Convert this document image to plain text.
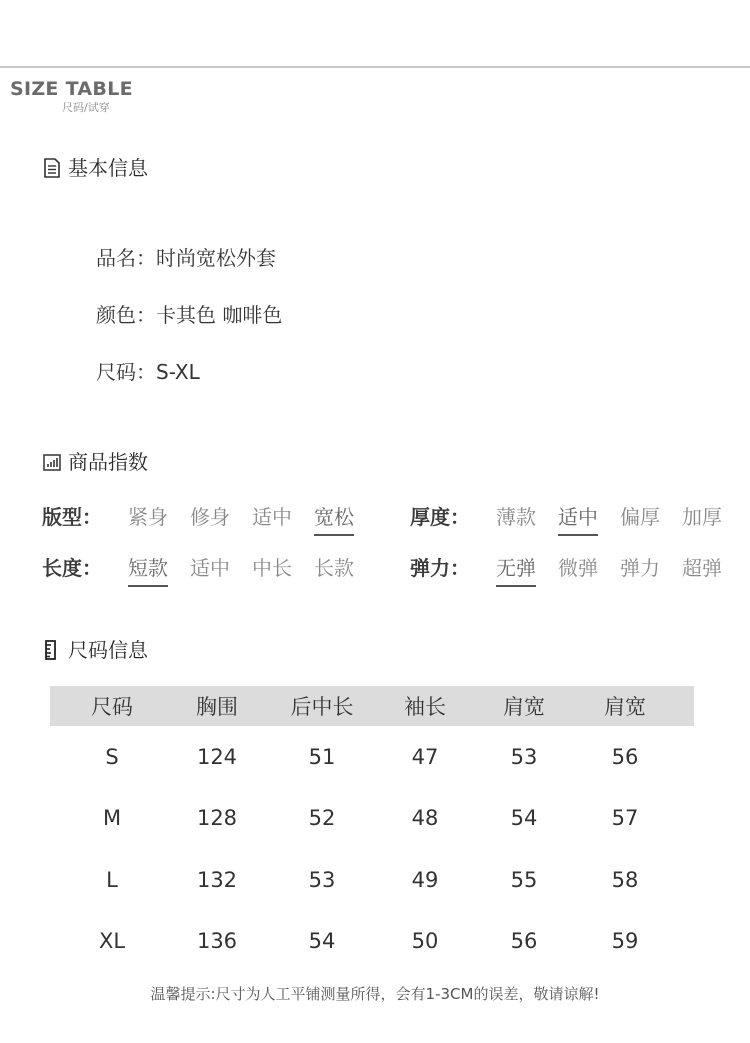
SIZE TABLE
尺码/试穿
基本信息
品名：时尚宽松外套
颜色：卡其色 咖啡色
尺码：S-XL
商品指数
版型：	紧身 修身 适中 宽松	厚度：	薄款 适中 偏厚 加厚
长度：	短款 适中 中长 长款	弹力：	无弹 微弹 弹力 超弹
尺码信息
尺码	胸围	后中长	袖长	肩宽	肩宽
S	124	51	47	53	56
M	128	52	48	54	57
L	132	53	49	55	58
XL	136	54	50	56	59
温馨提示:尺寸为人工平铺测量所得，会有1-3CM的误差，敬请谅解!
